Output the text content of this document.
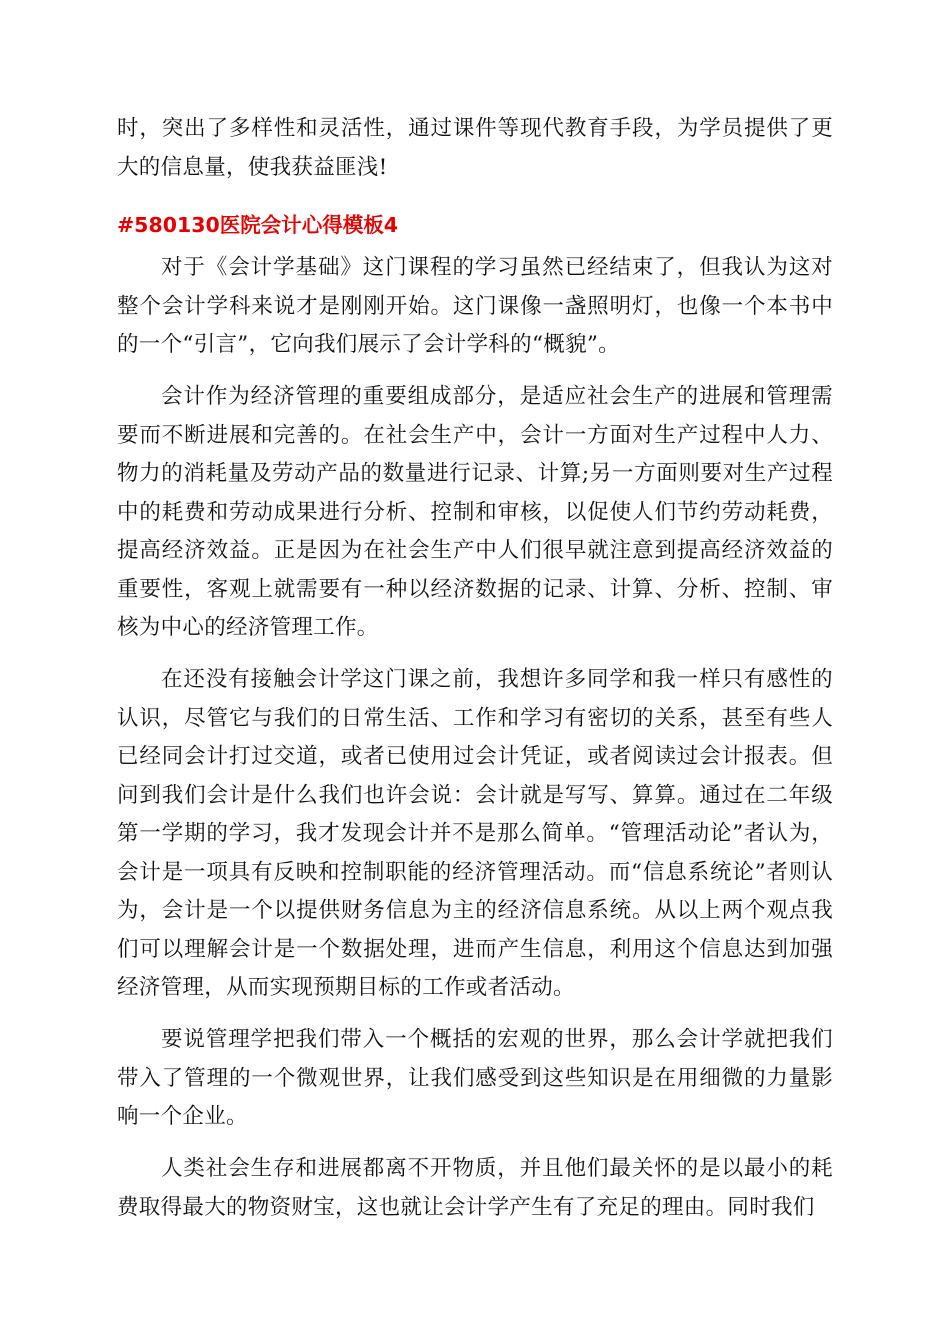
时，突出了多样性和灵活性，通过课件等现代教育手段，为学员提供了更大的信息量，使我获益匪浅!

#580130医院会计心得模板4

对于《会计学基础》这门课程的学习虽然已经结束了，但我认为这对整个会计学科来说才是刚刚开始。这门课像一盏照明灯，也像一个本书中的一个“引言”，它向我们展示了会计学科的“概貌”。

会计作为经济管理的重要组成部分，是适应社会生产的进展和管理需要而不断进展和完善的。在社会生产中，会计一方面对生产过程中人力、物力的消耗量及劳动产品的数量进行记录、计算;另一方面则要对生产过程中的耗费和劳动成果进行分析、控制和审核，以促使人们节约劳动耗费，提高经济效益。正是因为在社会生产中人们很早就注意到提高经济效益的重要性，客观上就需要有一种以经济数据的记录、计算、分析、控制、审核为中心的经济管理工作。

在还没有接触会计学这门课之前，我想许多同学和我一样只有感性的认识，尽管它与我们的日常生活、工作和学习有密切的关系，甚至有些人已经同会计打过交道，或者已使用过会计凭证，或者阅读过会计报表。但问到我们会计是什么我们也许会说：会计就是写写、算算。通过在二年级第一学期的学习，我才发现会计并不是那么简单。“管理活动论”者认为，会计是一项具有反映和控制职能的经济管理活动。而“信息系统论”者则认为，会计是一个以提供财务信息为主的经济信息系统。从以上两个观点我们可以理解会计是一个数据处理，进而产生信息，利用这个信息达到加强经济管理，从而实现预期目标的工作或者活动。

要说管理学把我们带入一个概括的宏观的世界，那么会计学就把我们带入了管理的一个微观世界，让我们感受到这些知识是在用细微的力量影响一个企业。

人类社会生存和进展都离不开物质，并且他们最关怀的是以最小的耗费取得最大的物资财宝，这也就让会计学产生有了充足的理由。同时我们
